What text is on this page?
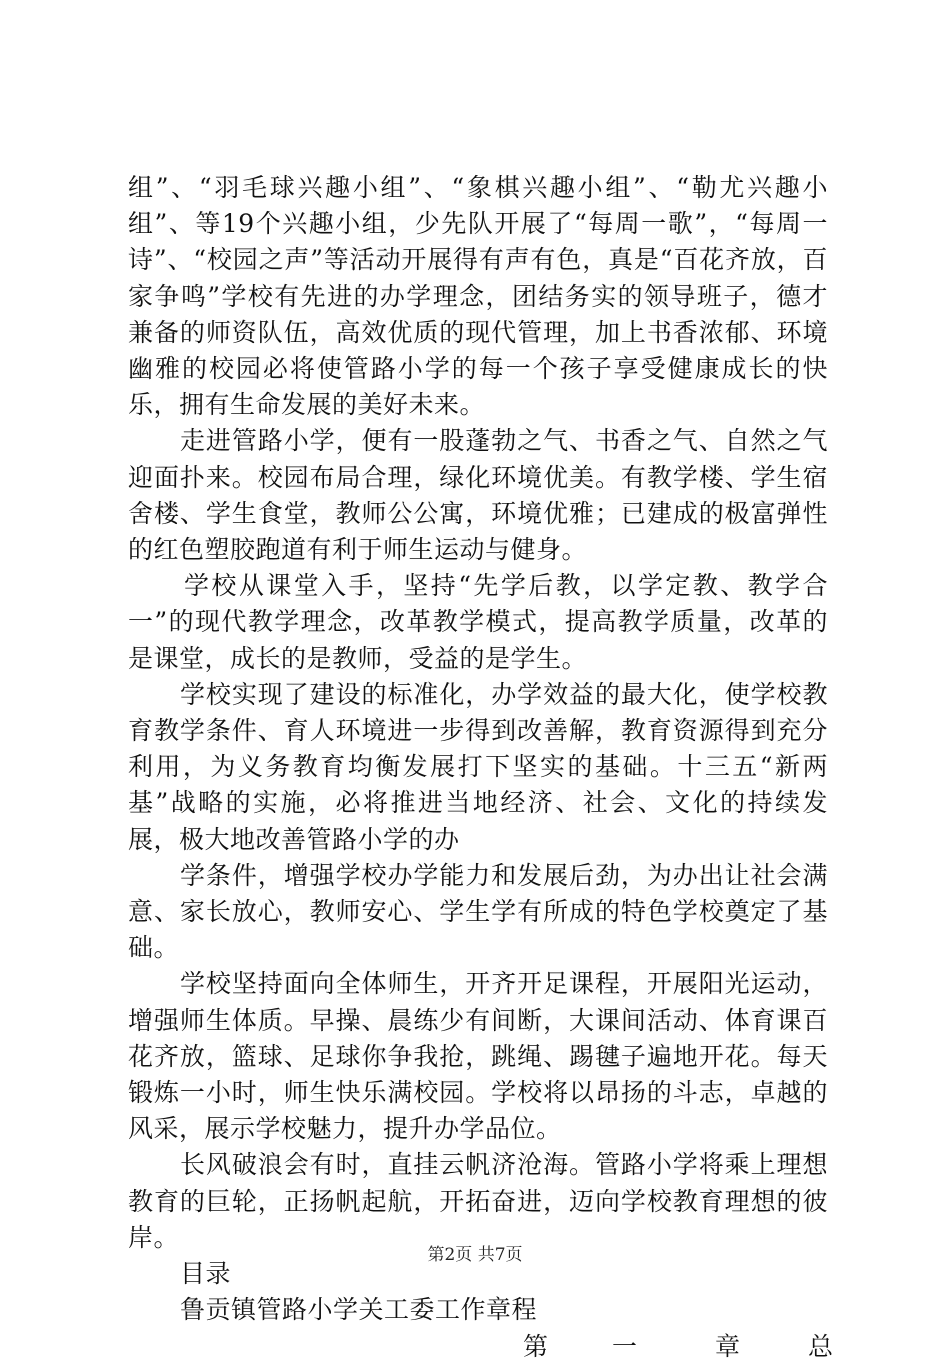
组”、“羽毛球兴趣小组”、“象棋兴趣小组”、“勒尤兴趣小组”、等19个兴趣小组，少先队开展了“每周一歌”，“每周一诗”、“校园之声”等活动开展得有声有色，真是“百花齐放，百家争鸣”学校有先进的办学理念，团结务实的领导班子，德才兼备的师资队伍，高效优质的现代管理，加上书香浓郁、环境幽雅的校园必将使管路小学的每一个孩子享受健康成长的快乐，拥有生命发展的美好未来。

走进管路小学，便有一股蓬勃之气、书香之气、自然之气迎面扑来。校园布局合理，绿化环境优美。有教学楼、学生宿舍楼、学生食堂，教师公公寓，环境优雅；已建成的极富弹性的红色塑胶跑道有利于师生运动与健身。

学校从课堂入手，坚持“先学后教，以学定教、教学合一”的现代教学理念，改革教学模式，提高教学质量，改革的是课堂，成长的是教师，受益的是学生。

学校实现了建设的标准化，办学效益的最大化，使学校教育教学条件、育人环境进一步得到改善解，教育资源得到充分利用，为义务教育均衡发展打下坚实的基础。十三五“新两基”战略的实施，必将推进当地经济、社会、文化的持续发展，极大地改善管路小学的办

学条件，增强学校办学能力和发展后劲，为办出让社会满意、家长放心，教师安心、学生学有所成的特色学校奠定了基础。

学校坚持面向全体师生，开齐开足课程，开展阳光运动，增强师生体质。早操、晨练少有间断，大课间活动、体育课百花齐放，篮球、足球你争我抢，跳绳、踢毽子遍地开花。每天锻炼一小时，师生快乐满校园。学校将以昂扬的斗志，卓越的风采，展示学校魅力，提升办学品位。

长风破浪会有时，直挂云帆济沧海。管路小学将乘上理想教育的巨轮，正扬帆起航，开拓奋进，迈向学校教育理想的彼岸。

目录

鲁贡镇管路小学关工委工作章程

第	一	章	总
第2页 共7页
